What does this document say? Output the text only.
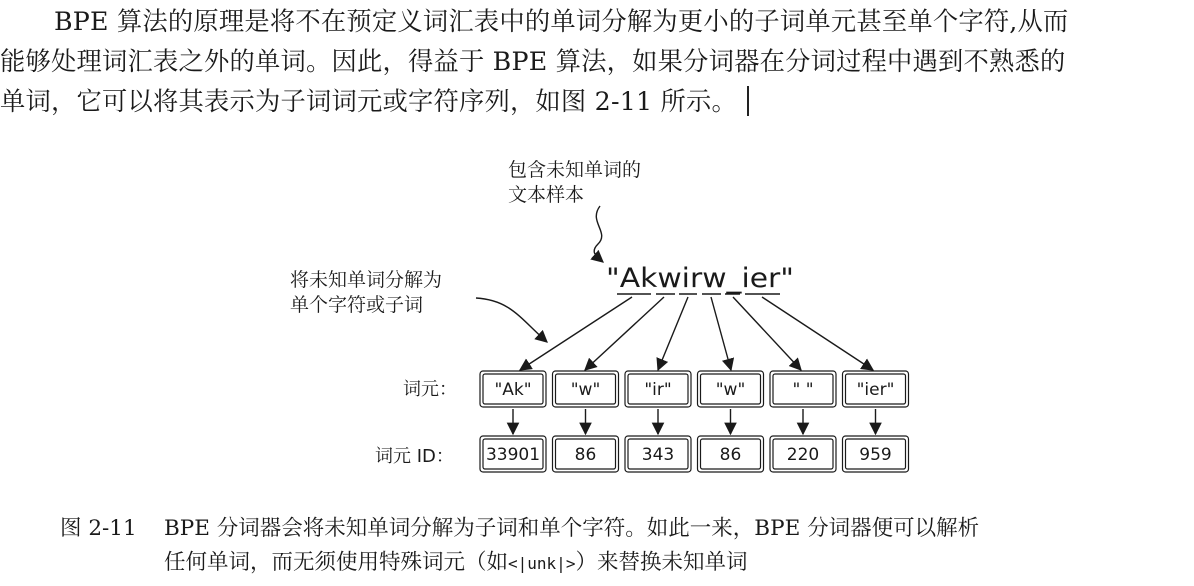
BPE 算法的原理是将不在预定义词汇表中的单词分解为更小的子词单元甚至单个字符,从而
能够处理词汇表之外的单词。因此，得益于 BPE 算法，如果分词器在分词过程中遇到不熟悉的
单词，它可以将其表示为子词词元或字符序列，如图 2-11 所示。

包含未知单词的
文本样本
"Akwirw_ier"
将未知单词分解为
单个字符或子词
词元：
词元 ID：
"Ak" "w"	"ir"	"w"	" "	"ier"
33901 86	343	86	220 959
图 2-11 BPE 分词器会将未知单词分解为子词和单个字符。如此一来，BPE 分词器便可以解析
任何单词，而无须使用特殊词元（如<|unk|>）来替换未知单词
